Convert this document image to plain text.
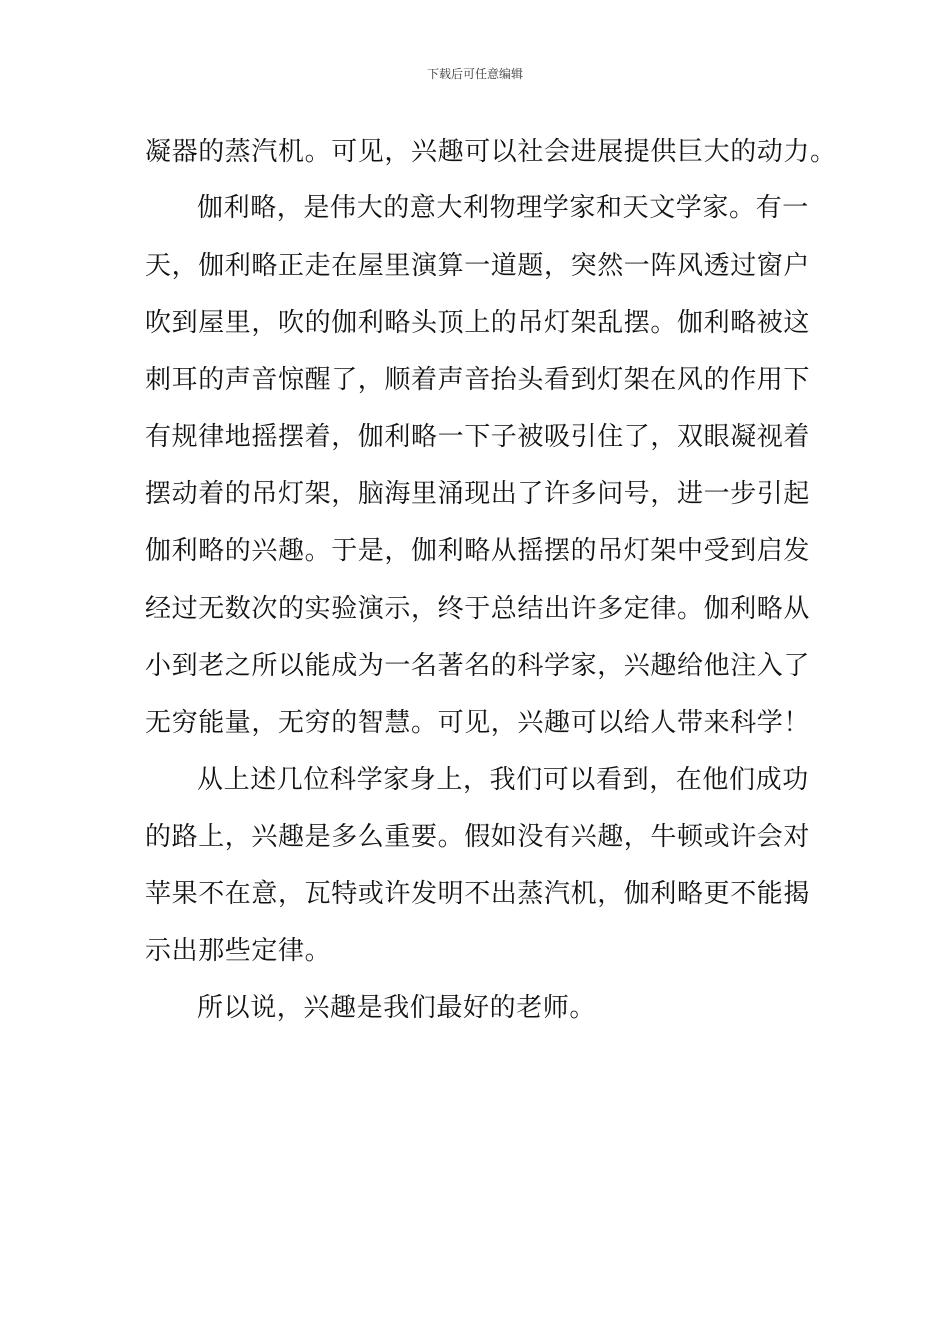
下载后可任意编辑
凝器的蒸汽机。可见，兴趣可以社会进展提供巨大的动力。
伽利略，是伟大的意大利物理学家和天文学家。有一
天，伽利略正走在屋里演算一道题，突然一阵风透过窗户
吹到屋里，吹的伽利略头顶上的吊灯架乱摆。伽利略被这
刺耳的声音惊醒了，顺着声音抬头看到灯架在风的作用下
有规律地摇摆着，伽利略一下子被吸引住了，双眼凝视着
摆动着的吊灯架，脑海里涌现出了许多问号，进一步引起
伽利略的兴趣。于是，伽利略从摇摆的吊灯架中受到启发
经过无数次的实验演示，终于总结出许多定律。伽利略从
小到老之所以能成为一名著名的科学家，兴趣给他注入了
无穷能量，无穷的智慧。可见，兴趣可以给人带来科学！
从上述几位科学家身上，我们可以看到，在他们成功
的路上，兴趣是多么重要。假如没有兴趣，牛顿或许会对
苹果不在意，瓦特或许发明不出蒸汽机，伽利略更不能揭
示出那些定律。
所以说，兴趣是我们最好的老师。
